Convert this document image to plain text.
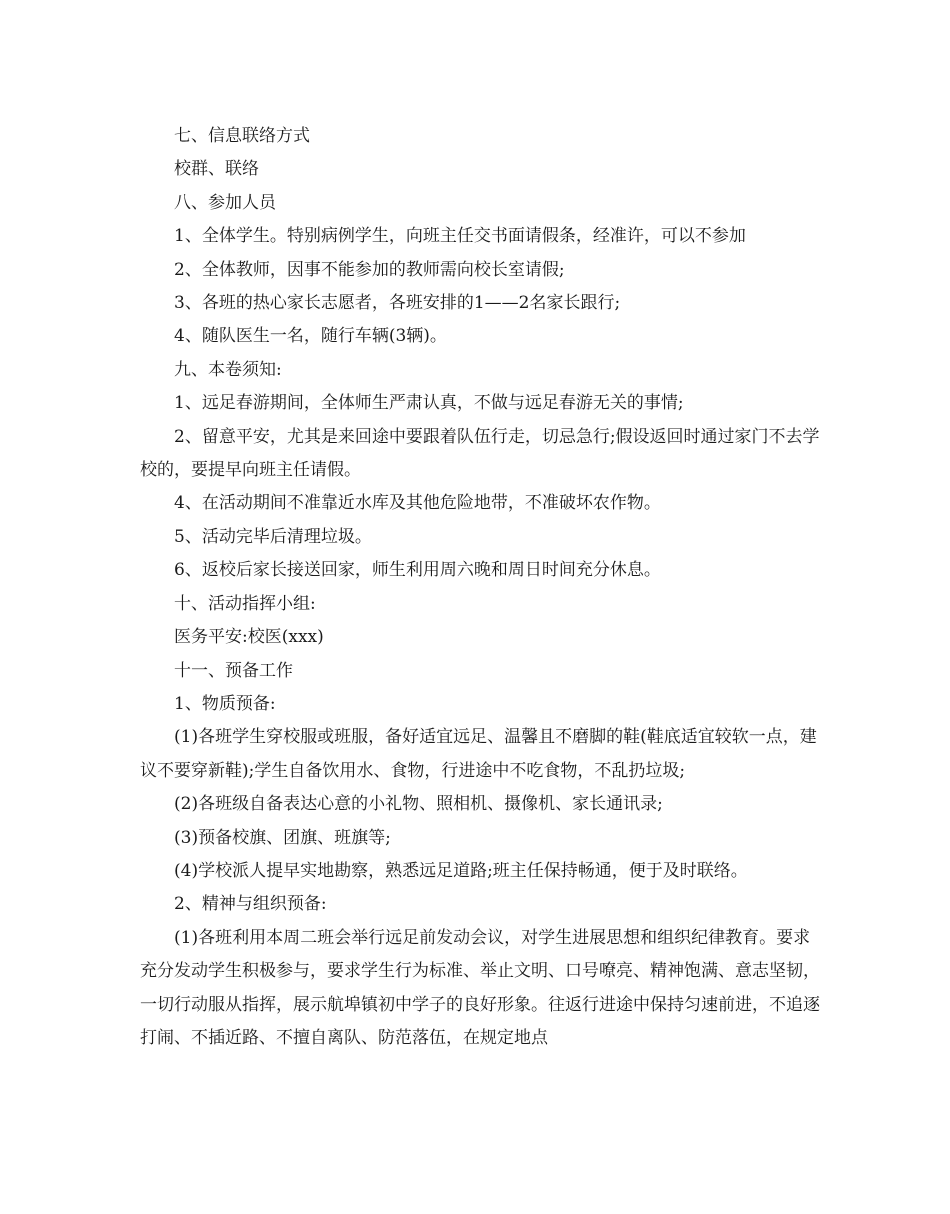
七、信息联络方式

校群、联络

八、参加人员

1、全体学生。特别病例学生，向班主任交书面请假条，经准许，可以不参加

2、全体教师，因事不能参加的教师需向校长室请假;

3、各班的热心家长志愿者，各班安排的1——2名家长跟行;

4、随队医生一名，随行车辆(3辆)。

九、本卷须知:

1、远足春游期间，全体师生严肃认真，不做与远足春游无关的事情;

2、留意平安，尤其是来回途中要跟着队伍行走，切忌急行;假设返回时通过家门不去学校的，要提早向班主任请假。

4、在活动期间不准靠近水库及其他危险地带，不准破坏农作物。

5、活动完毕后清理垃圾。

6、返校后家长接送回家，师生利用周六晚和周日时间充分休息。

十、活动指挥小组:

医务平安:校医(xxx)

十一、预备工作

1、物质预备:

(1)各班学生穿校服或班服，备好适宜远足、温馨且不磨脚的鞋(鞋底适宜较软一点，建议不要穿新鞋);学生自备饮用水、食物，行进途中不吃食物，不乱扔垃圾;

(2)各班级自备表达心意的小礼物、照相机、摄像机、家长通讯录;

(3)预备校旗、团旗、班旗等;

(4)学校派人提早实地勘察，熟悉远足道路;班主任保持畅通，便于及时联络。

2、精神与组织预备:

(1)各班利用本周二班会举行远足前发动会议，对学生进展思想和组织纪律教育。要求充分发动学生积极参与，要求学生行为标准、举止文明、口号嘹亮、精神饱满、意志坚韧，一切行动服从指挥，展示航埠镇初中学子的良好形象。往返行进途中保持匀速前进，不追逐打闹、不插近路、不擅自离队、防范落伍，在规定地点
